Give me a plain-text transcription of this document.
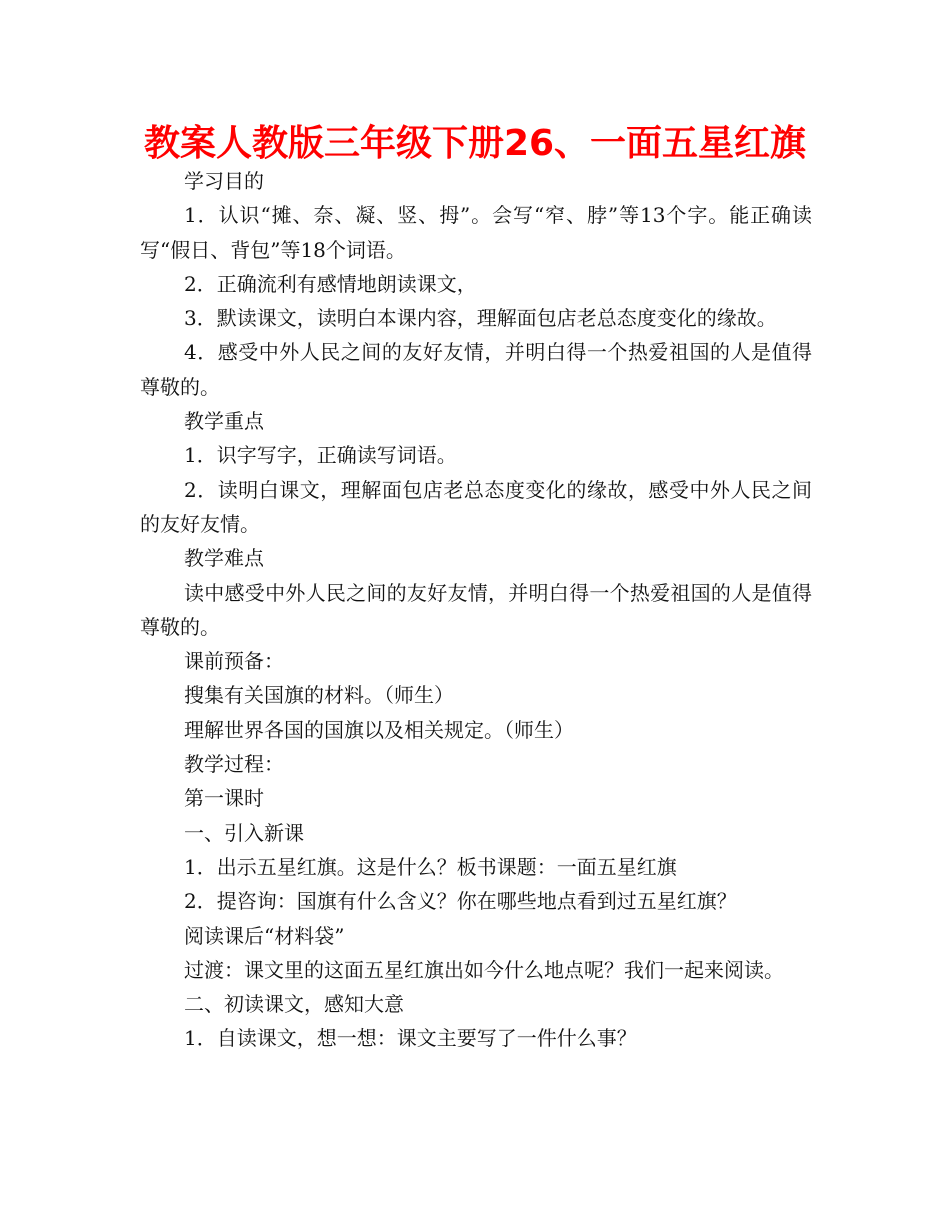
教案人教版三年级下册26、一面五星红旗

学习目的

1．认识“摊、奈、凝、竖、拇”。会写“窄、脖”等13个字。能正确读写“假日、背包”等18个词语。

2．正确流利有感情地朗读课文，

3．默读课文，读明白本课内容，理解面包店老总态度变化的缘故。

4．感受中外人民之间的友好友情，并明白得一个热爱祖国的人是值得尊敬的。

教学重点

1．识字写字，正确读写词语。

2．读明白课文，理解面包店老总态度变化的缘故，感受中外人民之间的友好友情。

教学难点

读中感受中外人民之间的友好友情，并明白得一个热爱祖国的人是值得尊敬的。

课前预备：

搜集有关国旗的材料。（师生）

理解世界各国的国旗以及相关规定。（师生）

教学过程：

第一课时

一、引入新课

1．出示五星红旗。这是什么？板书课题：一面五星红旗

2．提咨询：国旗有什么含义？你在哪些地点看到过五星红旗？

阅读课后“材料袋”

过渡：课文里的这面五星红旗出如今什么地点呢？我们一起来阅读。

二、初读课文，感知大意

1．自读课文，想一想：课文主要写了一件什么事？
